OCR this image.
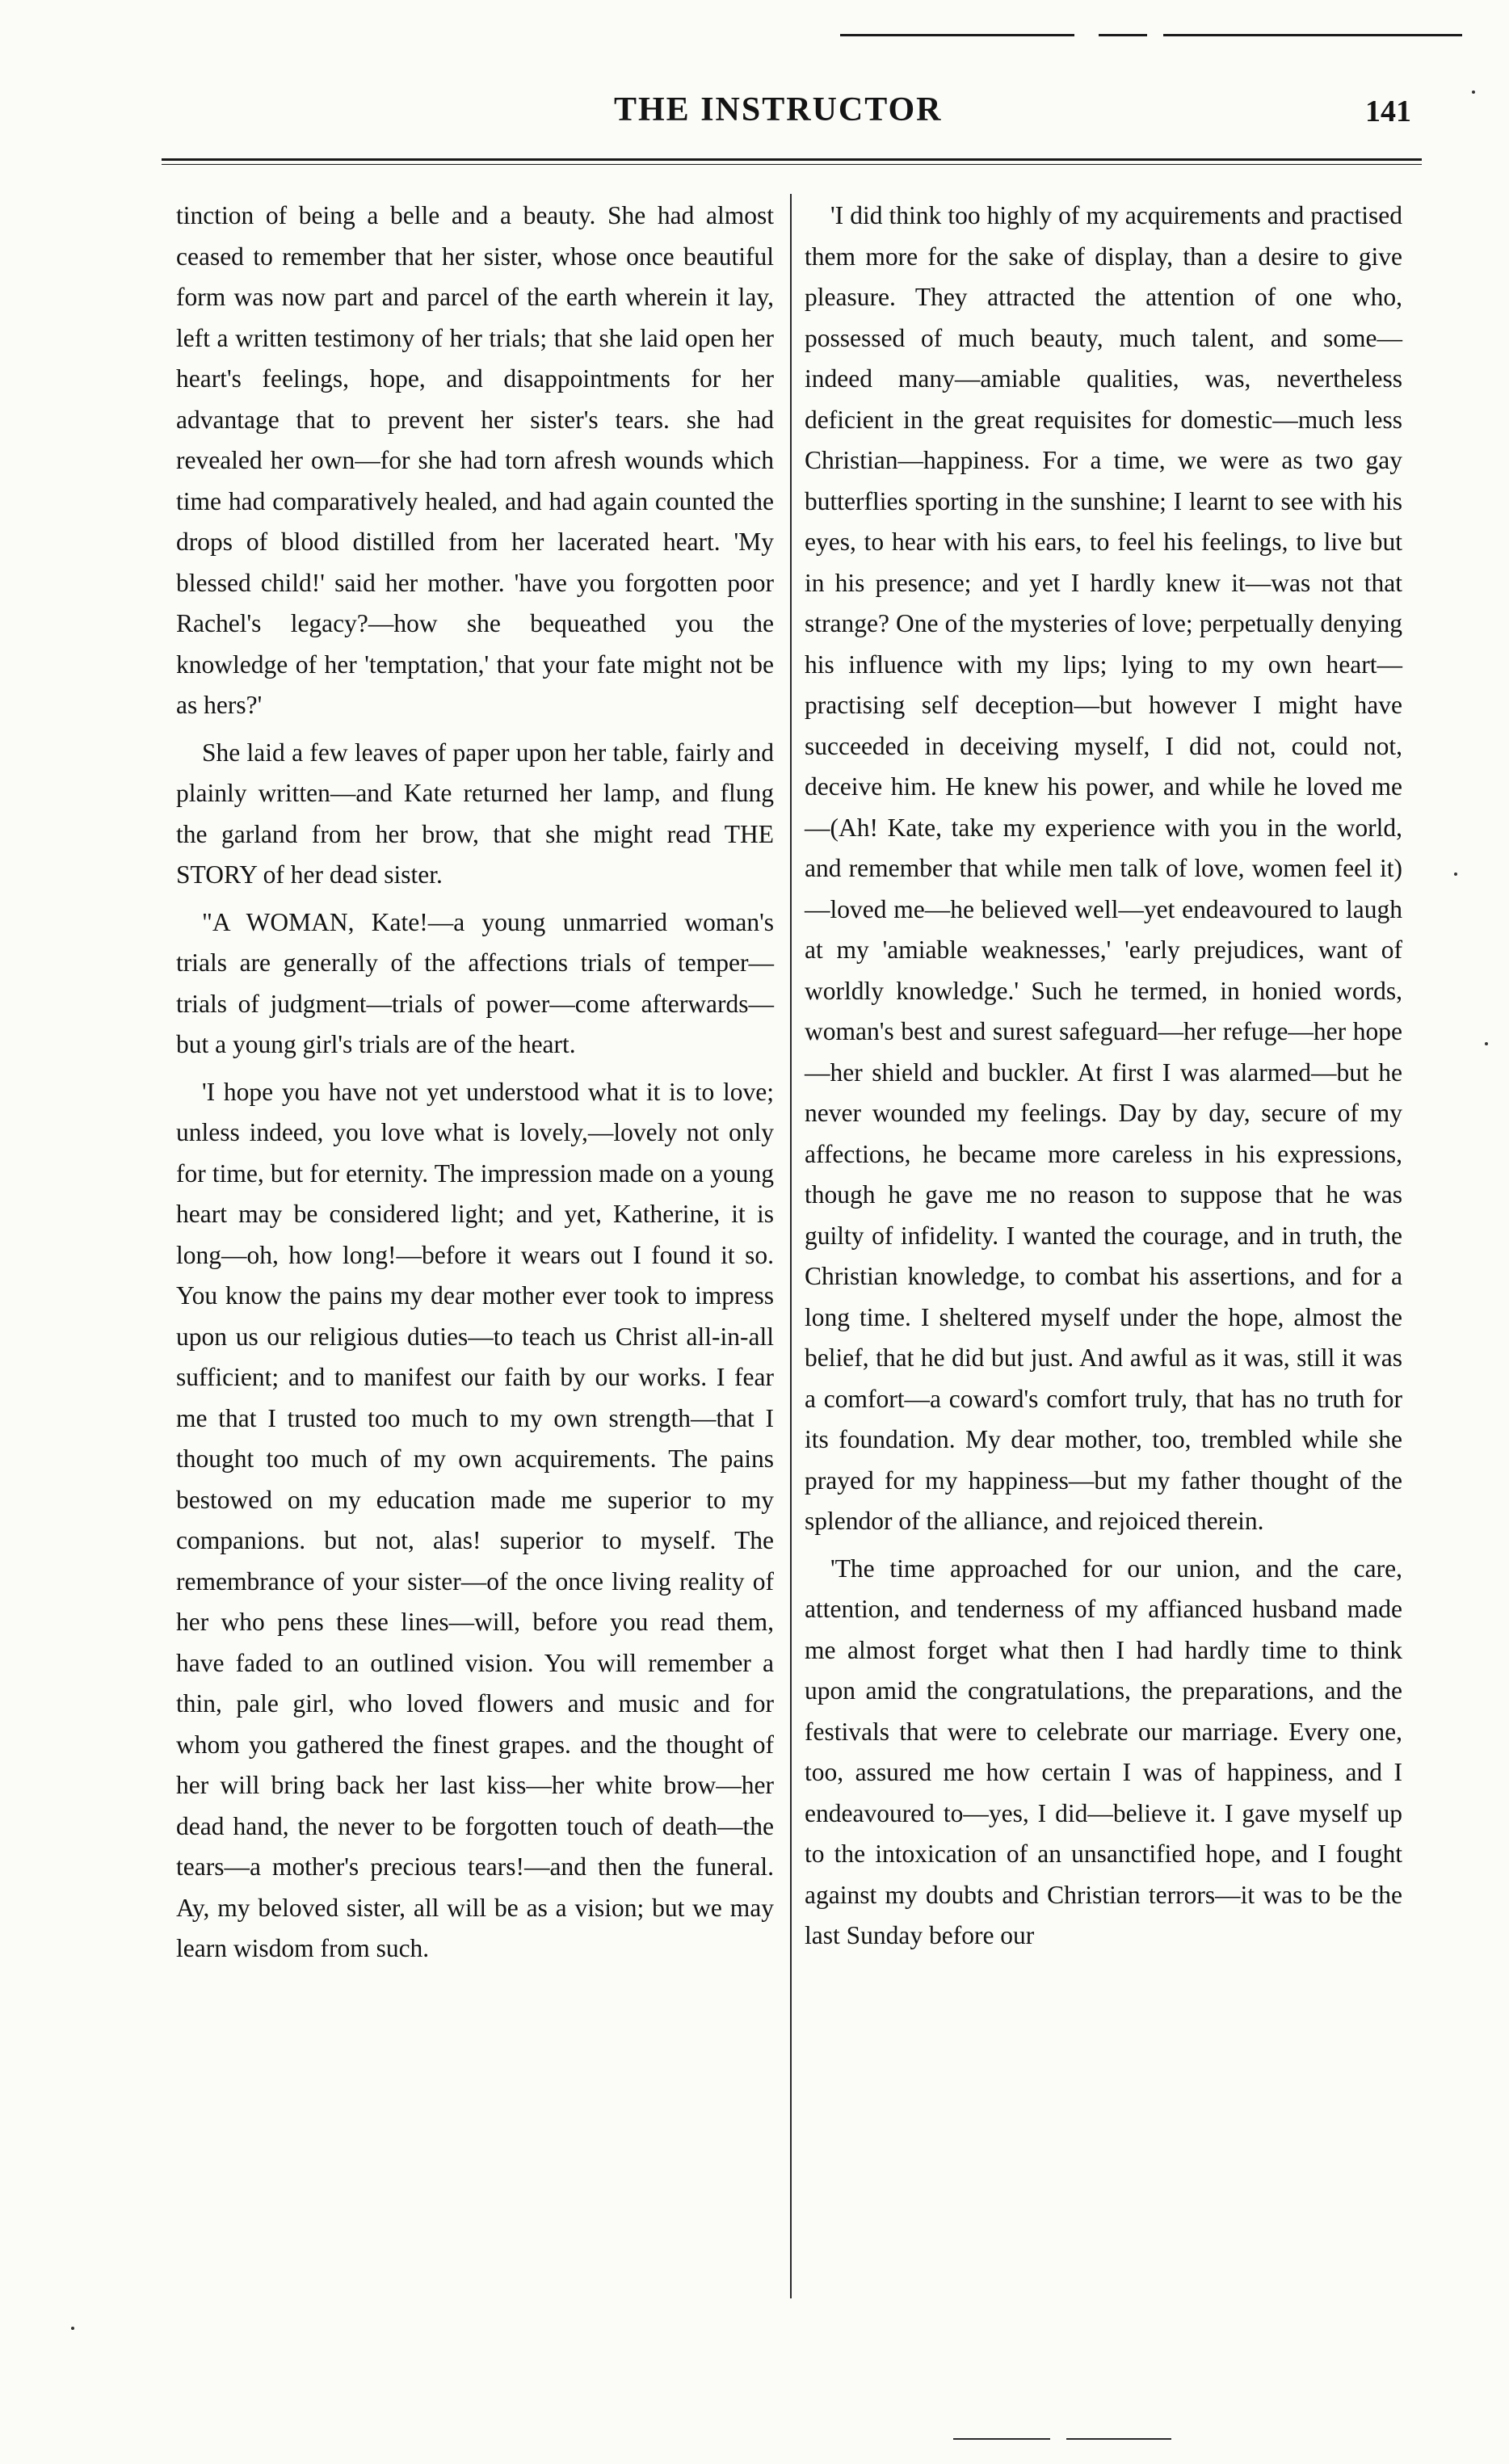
THE INSTRUCTOR	141

tinction of being a belle and a beauty. She had almost ceased to remember that her sister, whose once beautiful form was now part and parcel of the earth wherein it lay, left a written testimony of her trials; that she laid open her heart's feelings, hope, and disappointments for her advantage that to prevent her sister's tears. she had revealed her own—for she had torn afresh wounds which time had comparatively healed, and had again counted the drops of blood distilled from her lacerated heart. 'My blessed child!' said her mother. 'have you forgotten poor Rachel's legacy?—how she bequeathed you the knowledge of her 'temptation,' that your fate might not be as hers?'

She laid a few leaves of paper upon her table, fairly and plainly written—and Kate returned her lamp, and flung the garland from her brow, that she might read THE STORY of her dead sister.

"A WOMAN, Kate!—a young unmarried woman's trials are generally of the affections trials of temper—trials of judgment—trials of power—come afterwards—but a young girl's trials are of the heart.

'I hope you have not yet understood what it is to love; unless indeed, you love what is lovely,—lovely not only for time, but for eternity. The impression made on a young heart may be considered light; and yet, Katherine, it is long—oh, how long!—before it wears out I found it so. You know the pains my dear mother ever took to impress upon us our religious duties—to teach us Christ all-in-all sufficient; and to manifest our faith by our works. I fear me that I trusted too much to my own strength—that I thought too much of my own acquirements. The pains bestowed on my education made me superior to my companions. but not, alas! superior to myself. The remembrance of your sister—of the once living reality of her who pens these lines—will, before you read them, have faded to an outlined vision. You will remember a thin, pale girl, who loved flowers and music and for whom you gathered the finest grapes. and the thought of her will bring back her last kiss—her white brow—her dead hand, the never to be forgotten touch of death—the tears—a mother's precious tears!—and then the funeral. Ay, my beloved sister, all will be as a vision; but we may learn wisdom from such.

'I did think too highly of my acquirements and practised them more for the sake of display, than a desire to give pleasure. They attracted the attention of one who, possessed of much beauty, much talent, and some—indeed many—amiable qualities, was, nevertheless deficient in the great requisites for domestic—much less Christian—happiness. For a time, we were as two gay butterflies sporting in the sunshine; I learnt to see with his eyes, to hear with his ears, to feel his feelings, to live but in his presence; and yet I hardly knew it—was not that strange? One of the mysteries of love; perpetually denying his influence with my lips; lying to my own heart—practising self deception—but however I might have succeeded in deceiving myself, I did not, could not, deceive him. He knew his power, and while he loved me—(Ah! Kate, take my experience with you in the world, and remember that while men talk of love, women feel it)—loved me—he believed well—yet endeavoured to laugh at my 'amiable weaknesses,' 'early prejudices, want of worldly knowledge.' Such he termed, in honied words, woman's best and surest safeguard—her refuge—her hope—her shield and buckler. At first I was alarmed—but he never wounded my feelings. Day by day, secure of my affections, he became more careless in his expressions, though he gave me no reason to suppose that he was guilty of infidelity. I wanted the courage, and in truth, the Christian knowledge, to combat his assertions, and for a long time. I sheltered myself under the hope, almost the belief, that he did but just. And awful as it was, still it was a comfort—a coward's comfort truly, that has no truth for its foundation. My dear mother, too, trembled while she prayed for my happiness—but my father thought of the splendor of the alliance, and rejoiced therein.

'The time approached for our union, and the care, attention, and tenderness of my affianced husband made me almost forget what then I had hardly time to think upon amid the congratulations, the preparations, and the festivals that were to celebrate our marriage. Every one, too, assured me how certain I was of happiness, and I endeavoured to—yes, I did—believe it. I gave myself up to the intoxication of an unsanctified hope, and I fought against my doubts and Christian terrors—it was to be the last Sunday before our
